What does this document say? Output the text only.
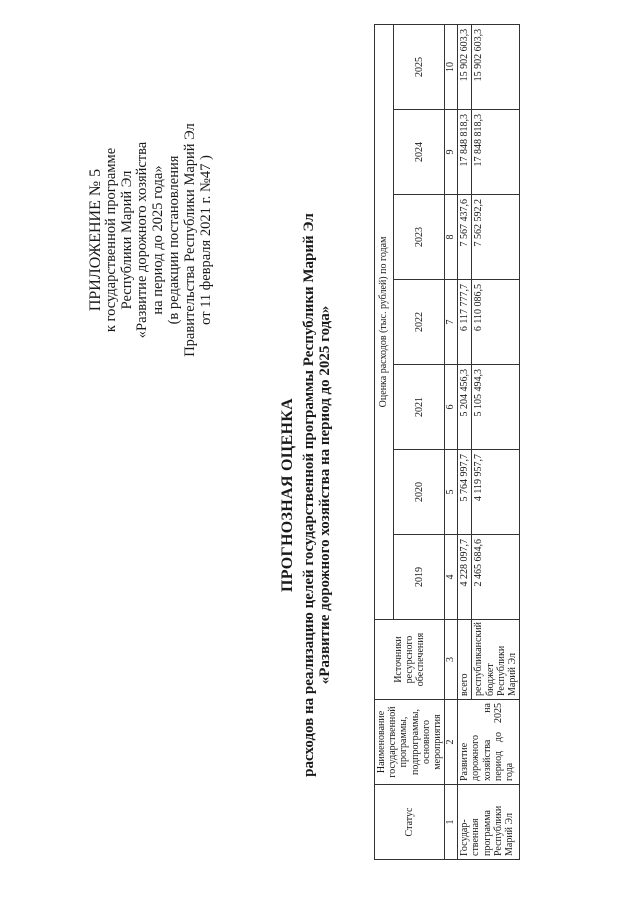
ПРИЛОЖЕНИЕ № 5
к государственной программе Республики Марий Эл «Развитие дорожного хозяйства на период до 2025 года» (в редакции постановления Правительства Республики Марий Эл от 11 февраля 2021 г. №47 )
ПРОГНОЗНАЯ ОЦЕНКА расходов на реализацию целей государственной программы Республики Марий Эл «Развитие дорожного хозяйства на период до 2025 года»
Статус	Наименование государственной программы, подпрограммы, основного мероприятия	Источники ресурсного обеспечения	Оценка расходов (тыс. рублей) по годам						
			2019	2020	2021	2022	2023	2024	2025
1	2	3	4	5	6	7	8	9	10
Государ-ственная программа Республики Марий Эл	Развитие дорожного хозяйства на период до 2025 года	всего	4 228 097,7	5 764 997,7	5 204 456,3	6 117 777,7	7 567 437,6	17 848 818,3	15 902 603,3
		республиканский бюджет Республики Марий Эл	2 465 684,6	4 119 957,7	5 105 494,3	6 110 086,5	7 562 592,2	17 848 818,3	15 902 603,3
